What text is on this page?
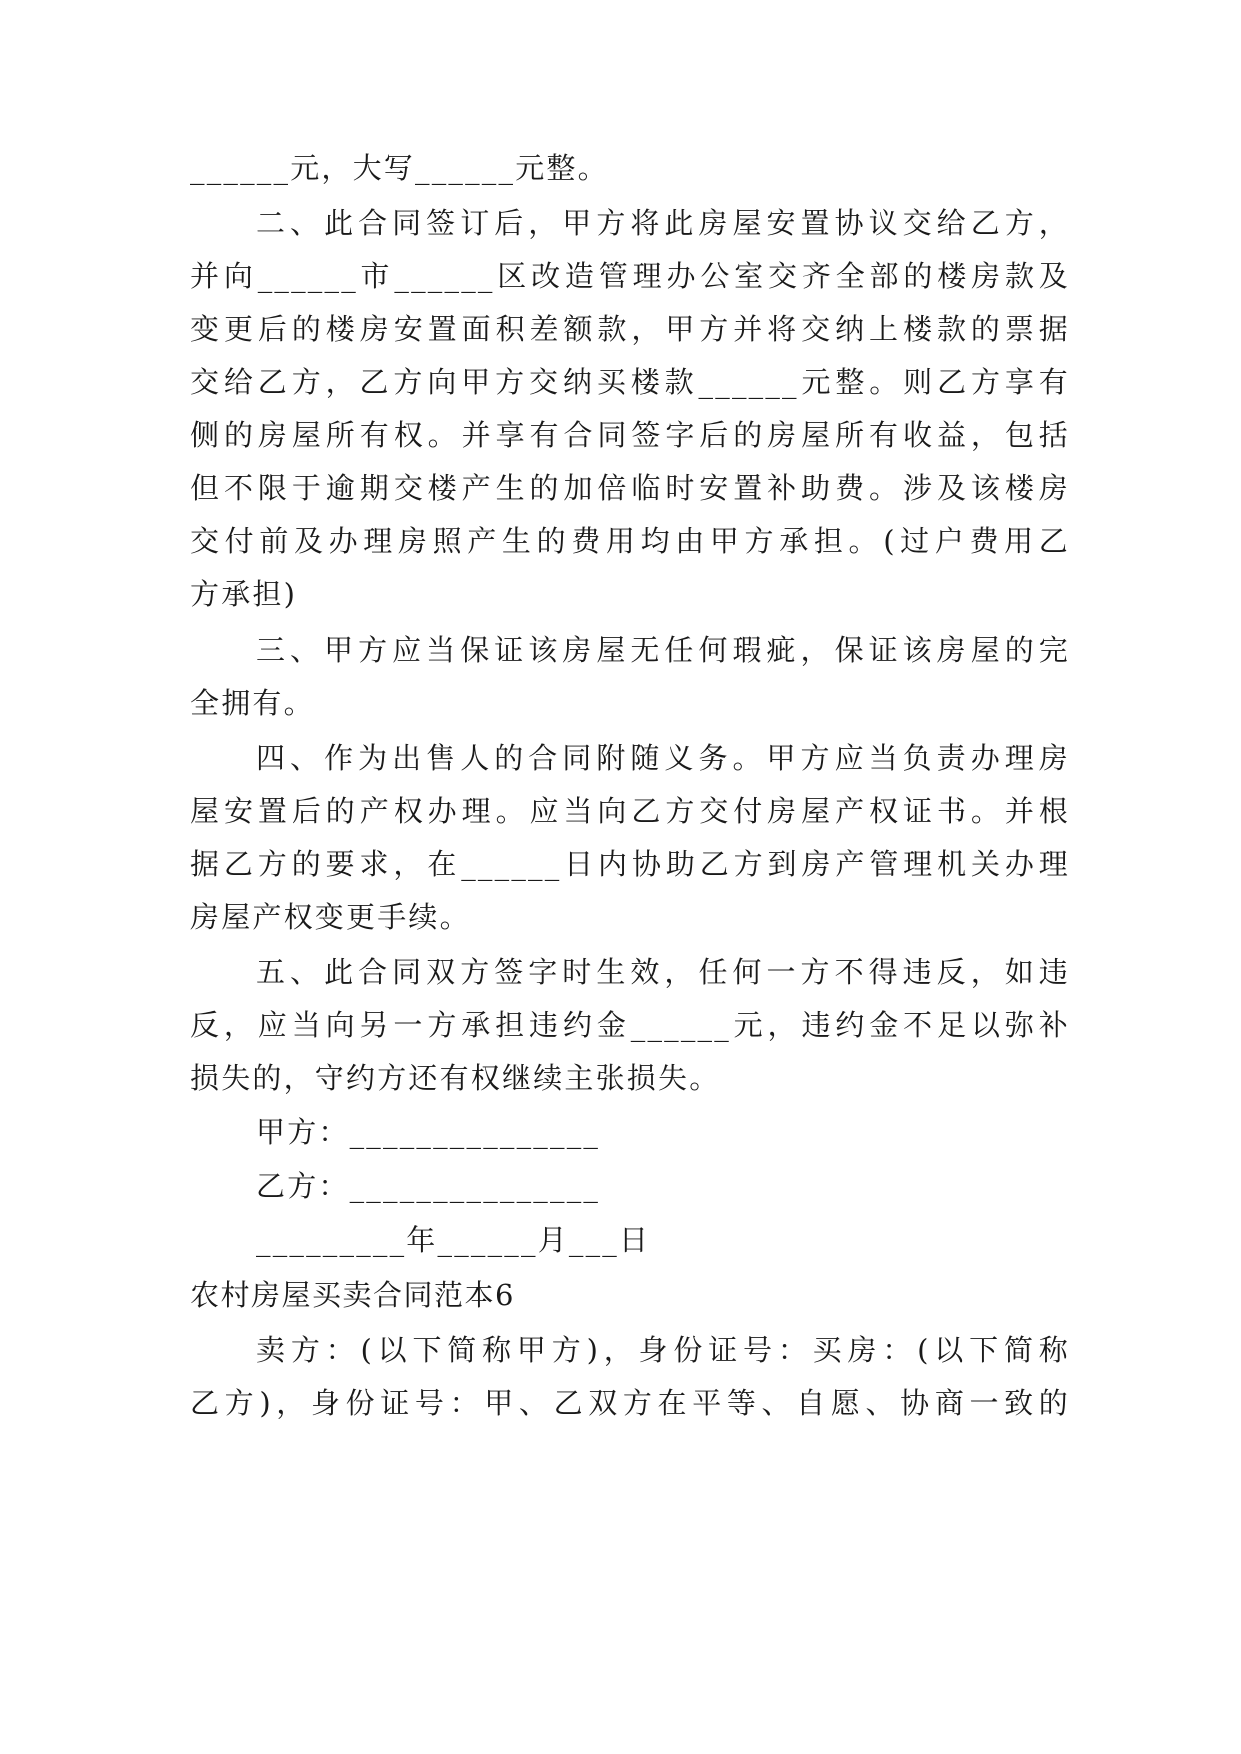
______元，大写______元整。
二、此合同签订后，甲方将此房屋安置协议交给乙方，
并向______市______区改造管理办公室交齐全部的楼房款及
变更后的楼房安置面积差额款，甲方并将交纳上楼款的票据
交给乙方，乙方向甲方交纳买楼款______元整。则乙方享有
侧的房屋所有权。并享有合同签字后的房屋所有收益，包括
但不限于逾期交楼产生的加倍临时安置补助费。涉及该楼房
交付前及办理房照产生的费用均由甲方承担。(过户费用乙
方承担)
三、甲方应当保证该房屋无任何瑕疵，保证该房屋的完
全拥有。
四、作为出售人的合同附随义务。甲方应当负责办理房
屋安置后的产权办理。应当向乙方交付房屋产权证书。并根
据乙方的要求，在______日内协助乙方到房产管理机关办理
房屋产权变更手续。
五、此合同双方签字时生效，任何一方不得违反，如违
反，应当向另一方承担违约金______元，违约金不足以弥补
损失的，守约方还有权继续主张损失。
甲方：_______________
乙方：_______________
_________年______月___日
农村房屋买卖合同范本6
卖方：(以下简称甲方)，身份证号：买房：(以下简称
乙方)，身份证号：甲、乙双方在平等、自愿、协商一致的
